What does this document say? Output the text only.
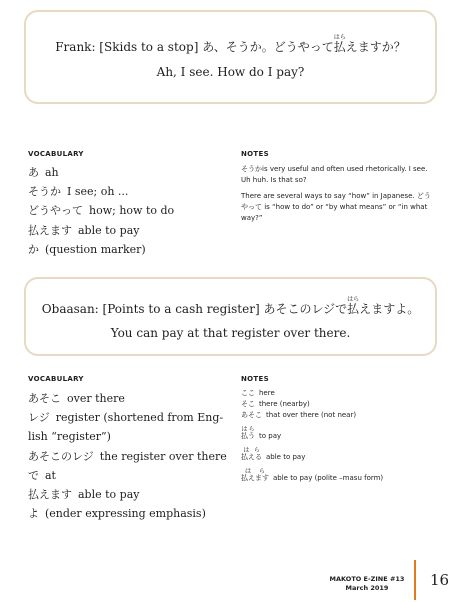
Frank: [Skids to a stop] あ、そうか。どうやって払はらえますか？
Ah, I see. How do I pay?
VOCABULARY	NOTES
あ ah
そうか I see; oh ...
どうやって how; how to do
払えます able to pay
か (question marker)

そうかis very useful and often used rhetorically. I see. Uh huh. Is that so?

There are several ways to say “how” in Japanese. どうやって is “how to do” or “by what means” or “in what way?”

Obaasan: [Points to a cash register] あそこのレジで払はらえますよ。
You can pay at that register over there.
VOCABULARY	NOTES
あそこ over there
レジ register (shortened from Eng-
lish “register”)
あそこのレジ the register over there
で at
払えます able to pay
よ (ender expressing emphasis)
ここ here
そこ there (nearby)
あそこ that over there (not near)
払うはらto pay
払えるはらable to pay
払えますはらable to pay (polite –masu form)
MAKOTO E-ZINE #13
March 2019	16
